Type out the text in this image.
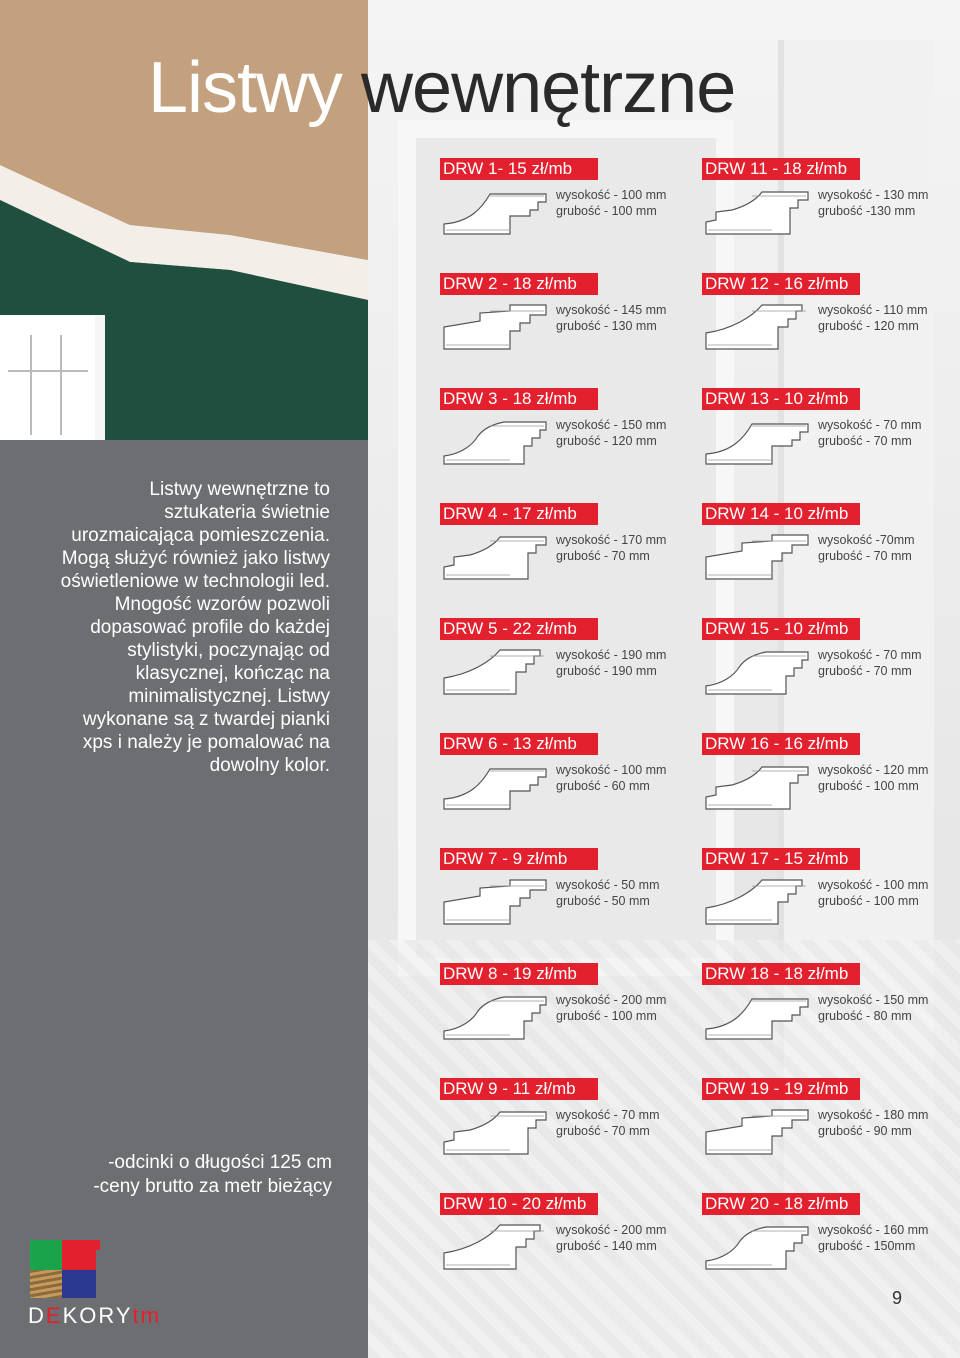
Listwy wewnętrzne
Listwy wewnętrzne to sztukateria świetnie urozmaicająca pomieszczenia. Mogą służyć również jako listwy oświetleniowe w technologii led. Mnogość wzorów pozwoli dopasować profile do każdej stylistyki, poczynając od klasycznej, kończąc na minimalistycznej. Listwy wykonane są z twardej pianki xps i należy je pomalować na dowolny kolor.
-odcinki o długości 125 cm
-ceny brutto za metr bieżący
DEKORYtm
DRW 1- 15 zł/mb
wysokość - 100 mm
grubość - 100 mm
DRW 11 - 18 zł/mb
wysokość - 130 mm
grubość -130 mm
DRW 2 - 18 zł/mb
wysokość - 145 mm
grubość - 130 mm
DRW 12 - 16 zł/mb
wysokość - 110 mm
grubość - 120 mm
DRW 3 - 18 zł/mb
wysokość - 150 mm
grubość - 120 mm
DRW 13 - 10 zł/mb
wysokość - 70 mm
grubość - 70 mm
DRW 4 - 17 zł/mb
wysokość - 170 mm
grubość - 70 mm
DRW 14 - 10 zł/mb
wysokość -70mm
grubość - 70 mm
DRW 5 - 22 zł/mb
wysokość - 190 mm
grubość - 190 mm
DRW 15 - 10 zł/mb
wysokość - 70 mm
grubość - 70 mm
DRW 6 - 13 zł/mb
wysokość - 100 mm
grubość - 60 mm
DRW 16 - 16 zł/mb
wysokość - 120 mm
grubość - 100 mm
DRW 7 - 9 zł/mb
wysokość - 50 mm
grubość - 50 mm
DRW 17 - 15 zł/mb
wysokość - 100 mm
grubość - 100 mm
DRW 8 - 19 zł/mb
wysokość - 200 mm
grubość - 100 mm
DRW 18 - 18 zł/mb
wysokość - 150 mm
grubość - 80 mm
DRW 9 - 11 zł/mb
wysokość - 70 mm
grubość - 70 mm
DRW 19 - 19 zł/mb
wysokość - 180 mm
grubość - 90 mm
DRW 10 - 20 zł/mb
wysokość - 200 mm
grubość - 140 mm
DRW 20 - 18 zł/mb
wysokość - 160 mm
grubość - 150mm
9
